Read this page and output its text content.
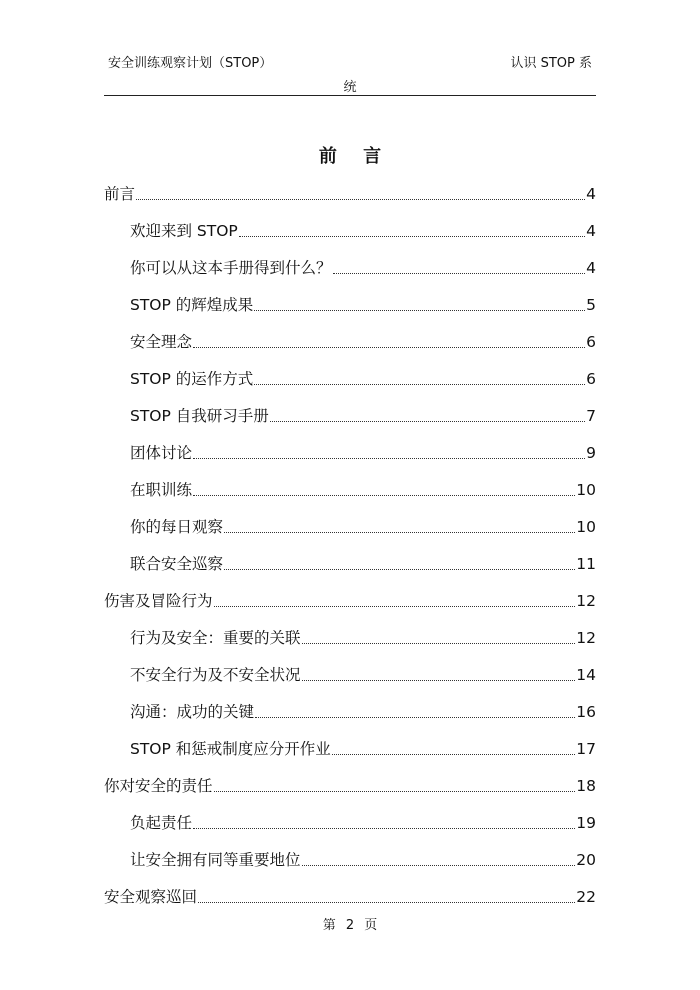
安全训练观察计划（STOP）	认识 STOP 系
统
前 言
前言	4
欢迎来到 STOP	4
你可以从这本手册得到什么？	4
STOP 的辉煌成果	5
安全理念	6
STOP 的运作方式	6
STOP 自我研习手册	7
团体讨论	9
在职训练	10
你的每日观察	10
联合安全巡察	11
伤害及冒险行为	12
行为及安全：重要的关联	12
不安全行为及不安全状况	14
沟通：成功的关键	16
STOP 和惩戒制度应分开作业	17
你对安全的责任	18
负起责任	19
让安全拥有同等重要地位	20
安全观察巡回	22
第 2 页
